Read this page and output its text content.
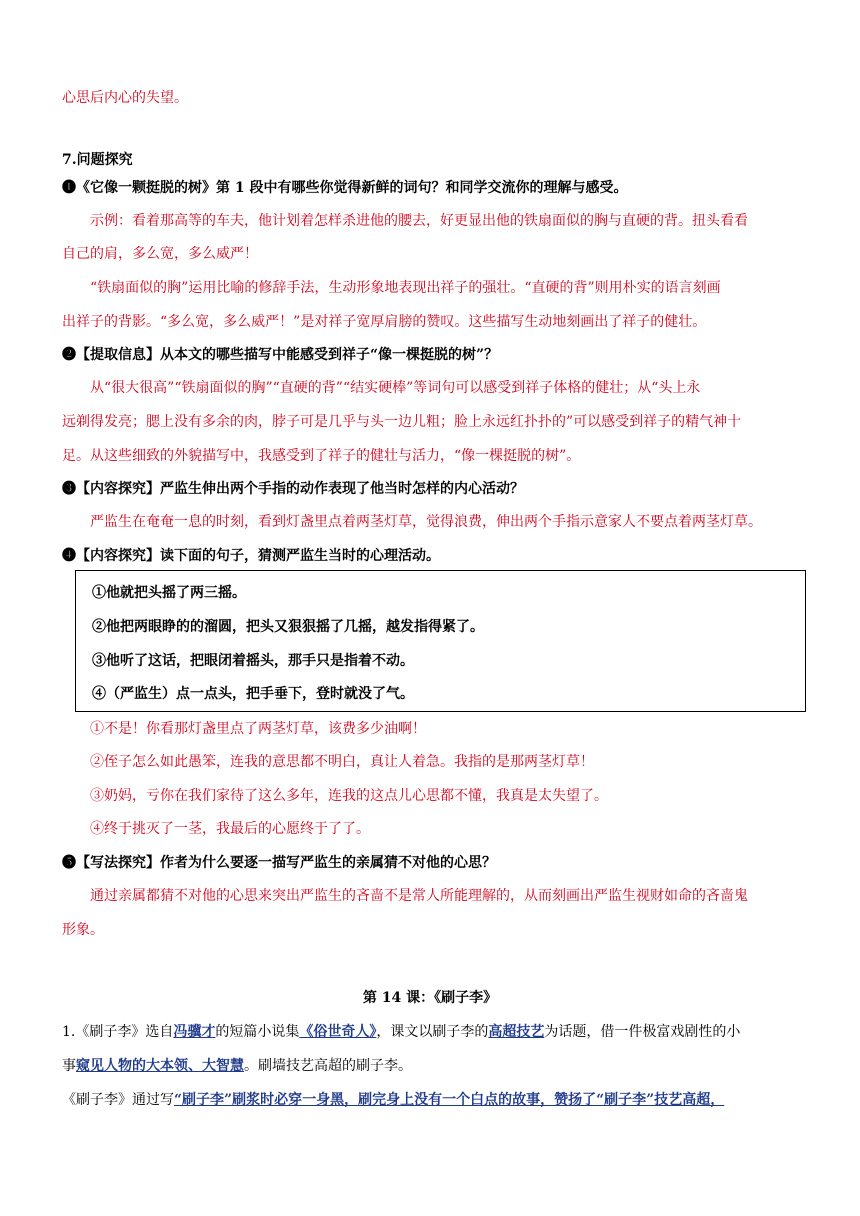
心思后内心的失望。
7.问题探究
❶《它像一颗挺脱的树》第 1 段中有哪些你觉得新鲜的词句？和同学交流你的理解与感受。
示例：看着那高等的车夫，他计划着怎样杀进他的腰去，好更显出他的铁扇面似的胸与直硬的背。扭头看看
自己的肩，多么宽，多么威严！
“铁扇面似的胸”运用比喻的修辞手法，生动形象地表现出祥子的强壮。“直硬的背”则用朴实的语言刻画
出祥子的背影。“多么宽，多么威严！”是对祥子宽厚肩膀的赞叹。这些描写生动地刻画出了祥子的健壮。
❷【提取信息】从本文的哪些描写中能感受到祥子“像一棵挺脱的树”？
从“很大很高”“铁扇面似的胸”“直硬的背”“结实硬棒”等词句可以感受到祥子体格的健壮；从“头上永
远剃得发亮；腮上没有多余的肉，脖子可是几乎与头一边儿粗；脸上永远红扑扑的”可以感受到祥子的精气神十
足。从这些细致的外貌描写中，我感受到了祥子的健壮与活力，“像一棵挺脱的树”。
❸【内容探究】严监生伸出两个手指的动作表现了他当时怎样的内心活动？
严监生在奄奄一息的时刻，看到灯盏里点着两茎灯草，觉得浪费，伸出两个手指示意家人不要点着两茎灯草。
❹【内容探究】读下面的句子，猜测严监生当时的心理活动。
①他就把头摇了两三摇。
②他把两眼睁的的溜圆，把头又狠狠摇了几摇，越发指得紧了。
③他听了这话，把眼闭着摇头，那手只是指着不动。
④（严监生）点一点头，把手垂下，登时就没了气。
①不是！你看那灯盏里点了两茎灯草，该费多少油啊！
②侄子怎么如此愚笨，连我的意思都不明白，真让人着急。我指的是那两茎灯草！
③奶妈，亏你在我们家待了这么多年，连我的这点儿心思都不懂，我真是太失望了。
④终于挑灭了一茎，我最后的心愿终于了了。
❺【写法探究】作者为什么要逐一描写严监生的亲属猜不对他的心思？
通过亲属都猜不对他的心思来突出严监生的吝啬不是常人所能理解的，从而刻画出严监生视财如命的吝啬鬼
形象。
第 14 课：《刷子李》
1.《刷子李》选自冯骥才的短篇小说集《俗世奇人》，课文以刷子李的高超技艺为话题，借一件极富戏剧性的小
事窥见人物的大本领、大智慧。刷墙技艺高超的刷子李。
《刷子李》通过写“刷子李”刷浆时必穿一身黑，刷完身上没有一个白点的故事，赞扬了“刷子李”技艺高超，
